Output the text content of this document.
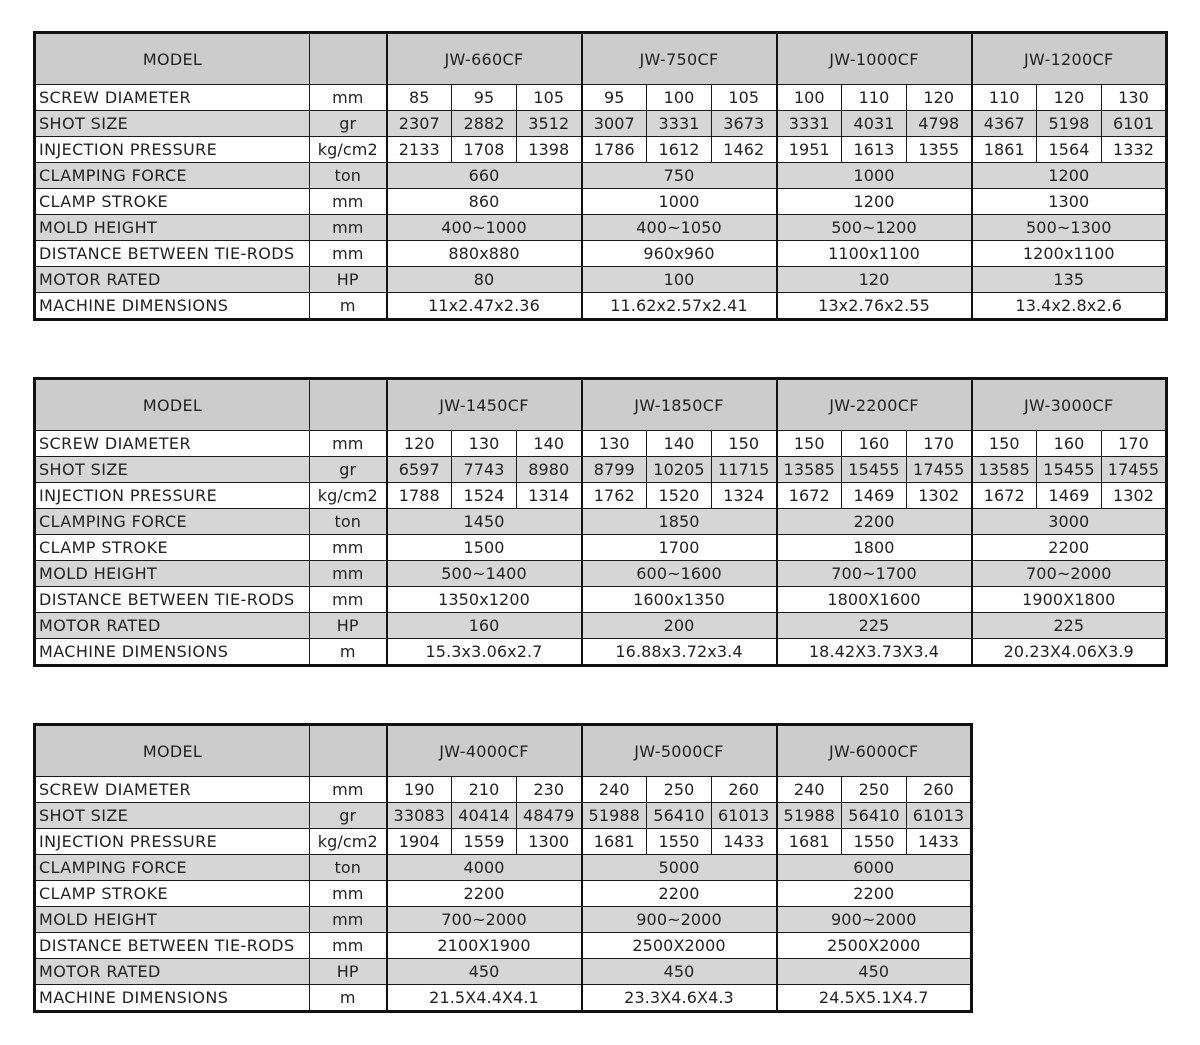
MODEL		JW-660CF			JW-750CF			JW-1000CF			JW-1200CF		
SCREW DIAMETER	mm	85	95	105	95	100	105	100	110	120	110	120	130
SHOT SIZE	gr	2307	2882	3512	3007	3331	3673	3331	4031	4798	4367	5198	6101
INJECTION PRESSURE	kg/cm2	2133	1708	1398	1786	1612	1462	1951	1613	1355	1861	1564	1332
CLAMPING FORCE	ton	660			750			1000			1200		
CLAMP STROKE	mm	860			1000			1200			1300		
MOLD HEIGHT	mm	400~1000			400~1050			500~1200			500~1300		
DISTANCE BETWEEN TIE-RODS	mm	880x880			960x960			1100x1100			1200x1100		
MOTOR RATED	HP	80			100			120			135		
MACHINE DIMENSIONS	m	11x2.47x2.36			11.62x2.57x2.41			13x2.76x2.55			13.4x2.8x2.6		
MODEL		JW-1450CF			JW-1850CF			JW-2200CF			JW-3000CF		
SCREW DIAMETER	mm	120	130	140	130	140	150	150	160	170	150	160	170
SHOT SIZE	gr	6597	7743	8980	8799	10205	11715	13585	15455	17455	13585	15455	17455
INJECTION PRESSURE	kg/cm2	1788	1524	1314	1762	1520	1324	1672	1469	1302	1672	1469	1302
CLAMPING FORCE	ton	1450			1850			2200			3000		
CLAMP STROKE	mm	1500			1700			1800			2200		
MOLD HEIGHT	mm	500~1400			600~1600			700~1700			700~2000		
DISTANCE BETWEEN TIE-RODS	mm	1350x1200			1600x1350			1800X1600			1900X1800		
MOTOR RATED	HP	160			200			225			225		
MACHINE DIMENSIONS	m	15.3x3.06x2.7			16.88x3.72x3.4			18.42X3.73X3.4			20.23X4.06X3.9		
MODEL		JW-4000CF			JW-5000CF			JW-6000CF		
SCREW DIAMETER	mm	190	210	230	240	250	260	240	250	260
SHOT SIZE	gr	33083	40414	48479	51988	56410	61013	51988	56410	61013
INJECTION PRESSURE	kg/cm2	1904	1559	1300	1681	1550	1433	1681	1550	1433
CLAMPING FORCE	ton	4000			5000			6000		
CLAMP STROKE	mm	2200			2200			2200		
MOLD HEIGHT	mm	700~2000			900~2000			900~2000		
DISTANCE BETWEEN TIE-RODS	mm	2100X1900			2500X2000			2500X2000		
MOTOR RATED	HP	450			450			450		
MACHINE DIMENSIONS	m	21.5X4.4X4.1			23.3X4.6X4.3			24.5X5.1X4.7		
